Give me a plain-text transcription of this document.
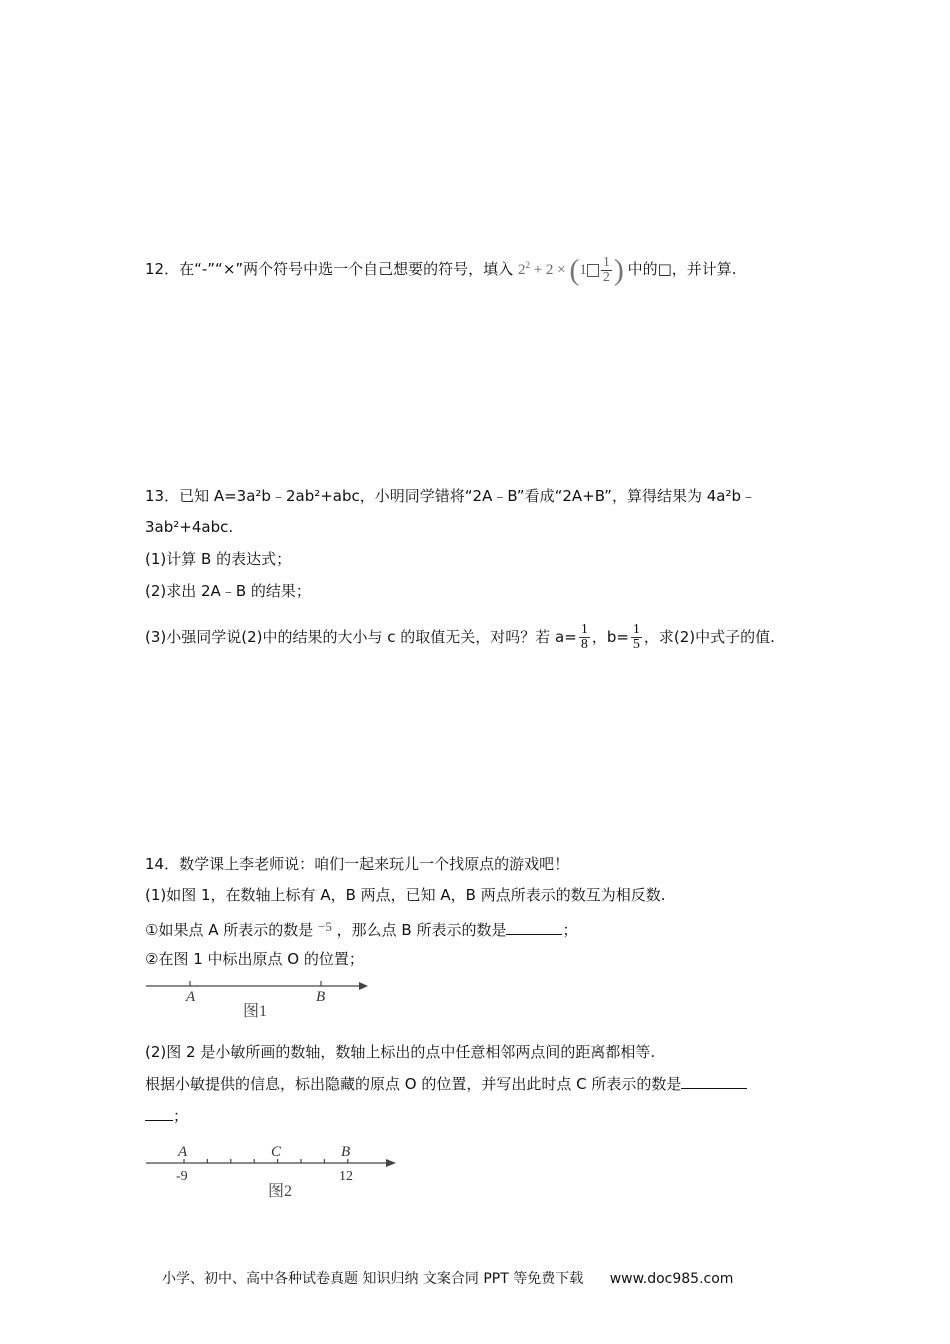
12．在“-”“×”两个符号中选一个自己想要的符号，填入 $2^2 + 2 \times (1 \frac{1}{2}$ ) 中的□，并计算.
13．已知 A=3a²b﹣2ab²+abc，小明同学错将“2A﹣B”看成“2A+B”，算得结果为 4a²b﹣
3ab²+4abc.
(1)计算 B 的表达式；
(2)求出 2A﹣B 的结果；
(3)小强同学说(2)中的结果的大小与 c 的取值无关，对吗？若 $a= \frac{1}{8}$ ，$b= \frac{1}{5}$ ，求(2)中式子的值.
14．数学课上李老师说：咱们一起来玩儿一个找原点的游戏吧！
(1)如图 1，在数轴上标有 A，B 两点，已知 A，B 两点所表示的数互为相反数.
①如果点 A 所表示的数是 −5 ，那么点 B 所表示的数是	；
②在图 1 中标出原点 O 的位置；
A	B
图1
(2)图 2 是小敏所画的数轴，数轴上标出的点中任意相邻两点间的距离都相等.
根据小敏提供的信息，标出隐藏的原点 O 的位置，并写出此时点 C 所表示的数是
；
A	C	B
-9	12
图2
小学、初中、高中各种试卷真题 知识归纳 文案合同 PPT 等免费下载 www.doc985.com
